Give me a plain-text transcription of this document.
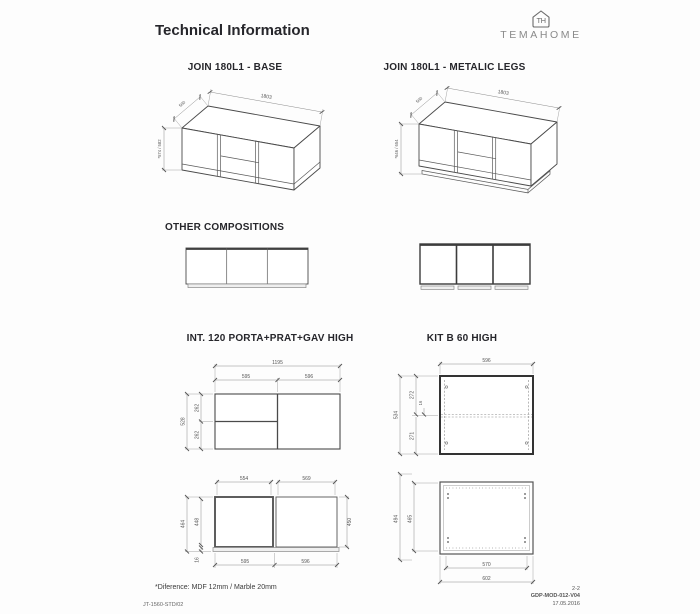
Technical Information
TH
TEMAHOME
JOIN 180L1 - BASE	JOIN 180L1 - METALIC LEGS
1803
500
*574 / 582
1803
500
*646 / 654
OTHER COMPOSITIONS
INT. 120 PORTA+PRAT+GAV HIGH	KIT B 60 HIGH
1195
595	596
528
262
262
554	569
464 448
16
450
595	596
596
534
272
271
16
494 465
570
602
*Diference: MDF 12mm / Marble 20mm
JT-1560-STD/02
2-2
GDP-MOD-012-V04
17.05.2016
